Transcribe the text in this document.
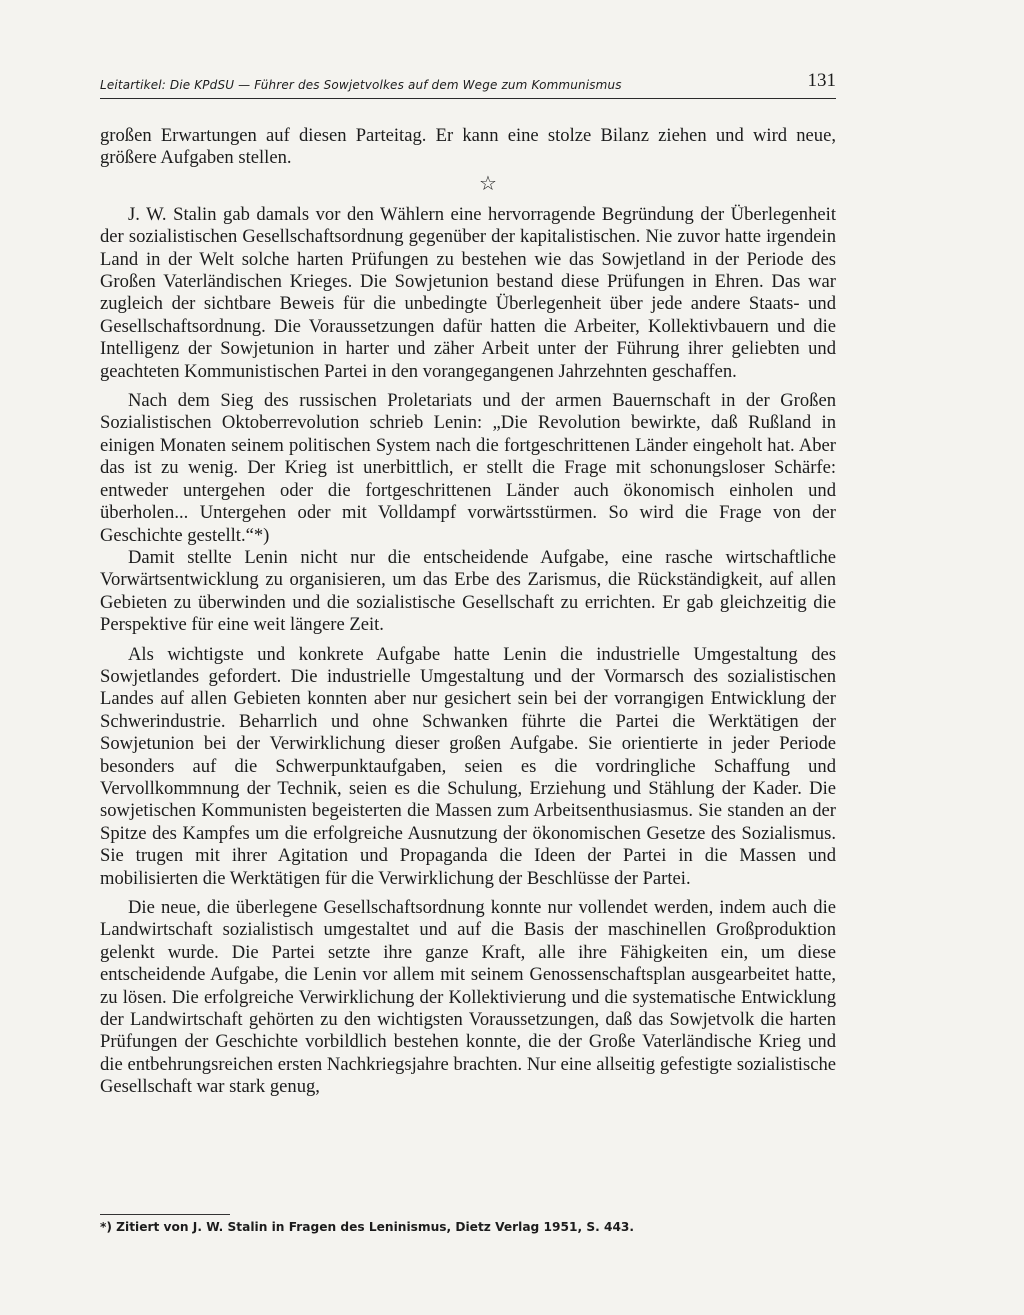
Leitartikel: Die KPdSU — Führer des Sowjetvolkes auf dem Wege zum Kommunismus	131

großen Erwartungen auf diesen Parteitag. Er kann eine stolze Bilanz ziehen und wird neue, größere Aufgaben stellen.

☆

J. W. Stalin gab damals vor den Wählern eine hervorragende Begründung der Überlegenheit der sozialistischen Gesellschaftsordnung gegenüber der kapitalistischen. Nie zuvor hatte irgendein Land in der Welt solche harten Prüfungen zu bestehen wie das Sowjetland in der Periode des Großen Vaterländischen Krieges. Die Sowjetunion bestand diese Prüfungen in Ehren. Das war zugleich der sichtbare Beweis für die unbedingte Überlegenheit über jede andere Staats- und Gesellschaftsordnung. Die Voraussetzungen dafür hatten die Arbeiter, Kollektivbauern und die Intelligenz der Sowjetunion in harter und zäher Arbeit unter der Führung ihrer geliebten und geachteten Kommunistischen Partei in den vorangegangenen Jahrzehnten geschaffen.

Nach dem Sieg des russischen Proletariats und der armen Bauernschaft in der Großen Sozialistischen Oktoberrevolution schrieb Lenin: „Die Revolution bewirkte, daß Rußland in einigen Monaten seinem politischen System nach die fortgeschrittenen Länder eingeholt hat. Aber das ist zu wenig. Der Krieg ist unerbittlich, er stellt die Frage mit schonungsloser Schärfe: entweder untergehen oder die fortgeschrittenen Länder auch ökonomisch einholen und überholen... Untergehen oder mit Volldampf vorwärtsstürmen. So wird die Frage von der Geschichte gestellt.“*)

Damit stellte Lenin nicht nur die entscheidende Aufgabe, eine rasche wirtschaftliche Vorwärtsentwicklung zu organisieren, um das Erbe des Zarismus, die Rückständigkeit, auf allen Gebieten zu überwinden und die sozialistische Gesellschaft zu errichten. Er gab gleichzeitig die Perspektive für eine weit längere Zeit.

Als wichtigste und konkrete Aufgabe hatte Lenin die industrielle Umgestaltung des Sowjetlandes gefordert. Die industrielle Umgestaltung und der Vormarsch des sozialistischen Landes auf allen Gebieten konnten aber nur gesichert sein bei der vorrangigen Entwicklung der Schwerindustrie. Beharrlich und ohne Schwanken führte die Partei die Werktätigen der Sowjetunion bei der Verwirklichung dieser großen Aufgabe. Sie orientierte in jeder Periode besonders auf die Schwerpunktaufgaben, seien es die vordringliche Schaffung und Vervollkommnung der Technik, seien es die Schulung, Erziehung und Stählung der Kader. Die sowjetischen Kommunisten begeisterten die Massen zum Arbeitsenthusiasmus. Sie standen an der Spitze des Kampfes um die erfolgreiche Ausnutzung der ökonomischen Gesetze des Sozialismus. Sie trugen mit ihrer Agitation und Propaganda die Ideen der Partei in die Massen und mobilisierten die Werktätigen für die Verwirklichung der Beschlüsse der Partei.

Die neue, die überlegene Gesellschaftsordnung konnte nur vollendet werden, indem auch die Landwirtschaft sozialistisch umgestaltet und auf die Basis der maschinellen Großproduktion gelenkt wurde. Die Partei setzte ihre ganze Kraft, alle ihre Fähigkeiten ein, um diese entscheidende Aufgabe, die Lenin vor allem mit seinem Genossenschaftsplan ausgearbeitet hatte, zu lösen. Die erfolgreiche Verwirklichung der Kollektivierung und die systematische Entwicklung der Landwirtschaft gehörten zu den wichtigsten Voraussetzungen, daß das Sowjetvolk die harten Prüfungen der Geschichte vorbildlich bestehen konnte, die der Große Vaterländische Krieg und die entbehrungsreichen ersten Nachkriegsjahre brachten. Nur eine allseitig gefestigte sozialistische Gesellschaft war stark genug,

*) Zitiert von J. W. Stalin in Fragen des Leninismus, Dietz Verlag 1951, S. 443.
